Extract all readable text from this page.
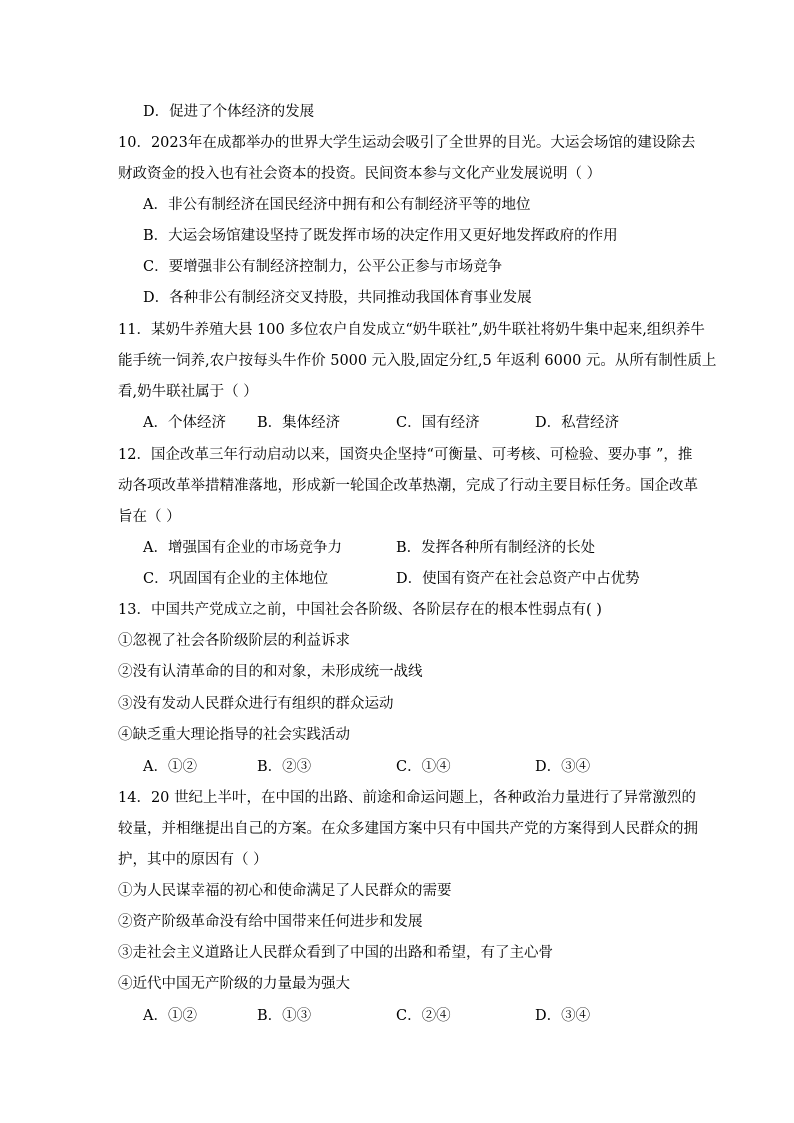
D．促进了个体经济的发展
10．2023年在成都举办的世界大学生运动会吸引了全世界的目光。大运会场馆的建设除去
财政资金的投入也有社会资本的投资。民间资本参与文化产业发展说明（ ）
A．非公有制经济在国民经济中拥有和公有制经济平等的地位
B．大运会场馆建设坚持了既发挥市场的决定作用又更好地发挥政府的作用
C．要增强非公有制经济控制力，公平公正参与市场竞争
D．各种非公有制经济交叉持股，共同推动我国体育事业发展
11．某奶牛养殖大县 100 多位农户自发成立“奶牛联社”,奶牛联社将奶牛集中起来,组织养牛
能手统一饲养,农户按每头牛作价 5000 元入股,固定分红,5 年返利 6000 元。从所有制性质上
看,奶牛联社属于（ ）
A．个体经济 B．集体经济	C．国有经济	D．私营经济
12．国企改革三年行动启动以来，国资央企坚持“可衡量、可考核、可检验、要办事 ”，推
动各项改革举措精准落地，形成新一轮国企改革热潮，完成了行动主要目标任务。国企改革
旨在（ ）
A．增强国有企业的市场竞争力	B．发挥各种所有制经济的长处
C．巩固国有企业的主体地位	D．使国有资产在社会总资产中占优势
13．中国共产党成立之前，中国社会各阶级、各阶层存在的根本性弱点有( )
①忽视了社会各阶级阶层的利益诉求
②没有认清革命的目的和对象，未形成统一战线
③没有发动人民群众进行有组织的群众运动
④缺乏重大理论指导的社会实践活动
A．①②	B．②③	C．①④	D．③④
14．20 世纪上半叶，在中国的出路、前途和命运问题上，各种政治力量进行了异常激烈的
较量，并相继提出自己的方案。在众多建国方案中只有中国共产党的方案得到人民群众的拥
护，其中的原因有（ ）
①为人民谋幸福的初心和使命满足了人民群众的需要
②资产阶级革命没有给中国带来任何进步和发展
③走社会主义道路让人民群众看到了中国的出路和希望，有了主心骨
④近代中国无产阶级的力量最为强大
A．①②	B．①③	C．②④	D．③④
